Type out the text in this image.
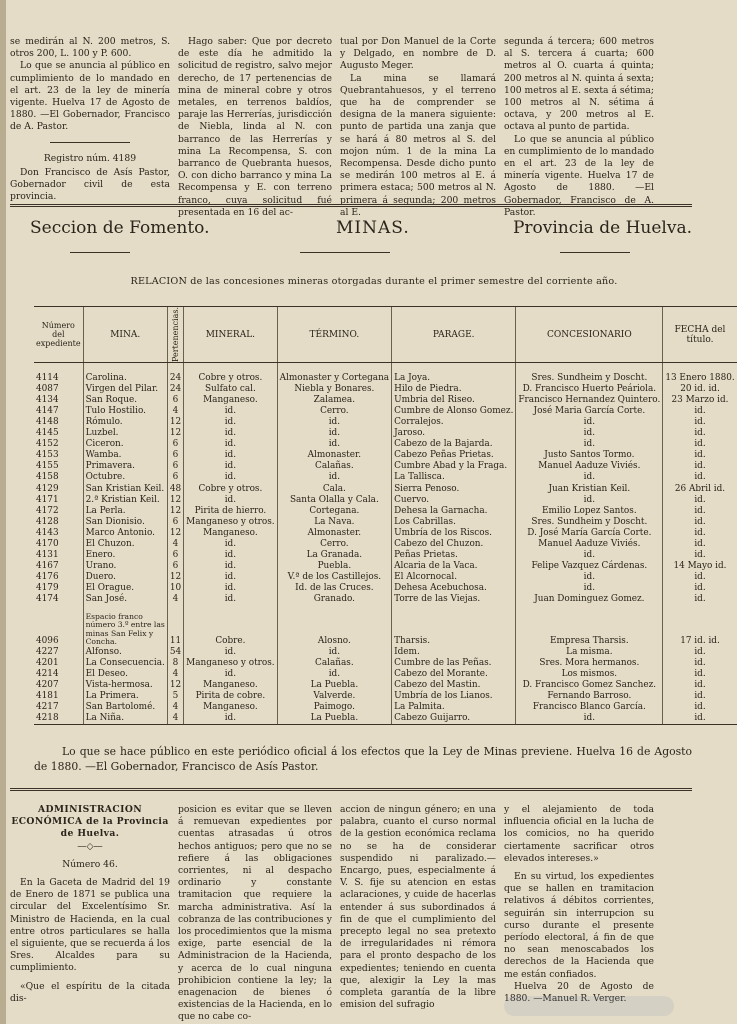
se medirán al N. 200 metros, S. otros 200, L. 100 y P. 600.

Lo que se anuncia al público en cumplimiento de lo mandado en el art. 23 de la ley de minería vigente. Huelva 17 de Agosto de 1880. —El Gobernador, Francisco de A. Pastor.

Registro núm. 4189

Don Francisco de Asís Pastor, Gobernador civil de esta provincia.

Hago saber: Que por decreto de este día he admitido la solicitud de registro, salvo mejor derecho, de 17 pertenencias de mina de mineral cobre y otros metales, en terrenos baldíos, paraje las Herrerías, jurisdicción de Niebla, linda al N. con barranco de las Herrerías y mina La Recompensa, S. con barranco de Quebranta huesos, O. con dicho barranco y mina La Recompensa y E. con terreno franco, cuya solicitud fué presentada en 16 del ac-

tual por Don Manuel de la Corte y Delgado, en nombre de D. Augusto Meger.

La mina se llamará Quebrantahuesos, y el terreno que ha de comprender se designa de la manera siguiente: punto de partida una zanja que se hará á 80 metros al S. del mojon núm. 1 de la mina La Recompensa. Desde dicho punto se medirán 100 metros al E. á primera estaca; 500 metros al N. primera á segunda; 200 metros al E.

segunda á tercera; 600 metros al S. tercera á cuarta; 600 metros al O. cuarta á quinta; 200 metros al N. quinta á sexta; 100 metros al E. sexta á sétima; 100 metros al N. sétima á octava, y 200 metros al E. octava al punto de partida.

Lo que se anuncia al público en cumplimiento de lo mandado en el art. 23 de la ley de minería vigente. Huelva 17 de Agosto de 1880. —El Gobernador, Francisco de A. Pastor.

Seccion de Fomento.	MINAS.	Provincia de Huelva.
RELACION de las concesiones mineras otorgadas durante el primer semestre del corriente año.
Número del expediente	MINA.	Pertenencias.	MINERAL.	TÉRMINO.	PARAGE.	CONCESIONARIO	FECHA del título.
4114	Carolina.	24	Cobre y otros.	Almonaster y Cortegana	La Joya.	Sres. Sundheim y Doscht.	13 Enero 1880.
4087	Virgen del Pilar.	24	Sulfato cal.	Niebla y Bonares.	Hilo de Piedra.	D. Francisco Huerto Peáriola.	20 id. id.
4134	San Roque.	6	Manganeso.	Zalamea.	Umbria del Riseo.	Francisco Hernandez Quintero.	23 Marzo id.
4147	Tulo Hostilio.	4	id.	Cerro.	Cumbre de Alonso Gomez.	José Maria García Corte.	id.
4148	Rómulo.	12	id.	id.	Corralejos.	id.	id.
4145	Luzbel.	12	id.	id.	Jaroso.	id.	id.
4152	Ciceron.	6	id.	id.	Cabezo de la Bajarda.	id.	id.
4153	Wamba.	6	id.	Almonaster.	Cabezo Peñas Prietas.	Justo Santos Tormo.	id.
4155	Primavera.	6	id.	Calañas.	Cumbre Abad y la Fraga.	Manuel Aaduze Viviés.	id.
4158	Octubre.	6	id.	id.	La Tallisca.	id.	id.
4129	San Kristian Keil.	48	Cobre y otros.	Cala.	Sierra Penoso.	Juan Kristian Keil.	26 Abril id.
4171	2.ª Kristian Keil.	12	id.	Santa Olalla y Cala.	Cuervo.	id.	id.
4172	La Perla.	12	Pirita de hierro.	Cortegana.	Dehesa la Garnacha.	Emilio Lopez Santos.	id.
4128	San Dionisio.	6	Manganeso y otros.	La Nava.	Los Cabrillas.	Sres. Sundheim y Doscht.	id.
4143	Marco Antonio.	12	Manganeso.	Almonaster.	Umbría de los Riscos.	D. José María García Corte.	id.
4170	El Chuzon.	4	id.	Cerro.	Cabezo del Chuzon.	Manuel Aaduze Viviés.	id.
4131	Enero.	6	id.	La Granada.	Peñas Prietas.	id.	id.
4167	Urano.	6	id.	Puebla.	Alcaria de la Vaca.	Felipe Vazquez Cárdenas.	14 Mayo id.
4176	Duero.	12	id.	V.ª de los Castillejos.	El Alcornocal.	id.	id.
4179	El Orague.	10	id.	Id. de las Cruces.	Dehesa Acebuchosa.	id.	id.
4174	San José.	4	id.	Granado.	Torre de las Viejas.	Juan Dominguez Gomez.	id.
4096	Espacio franco número 3.º entre las minas San Felix y Concha.	11	Cobre.	Alosno.	Tharsis.	Empresa Tharsis.	17 id. id.
4227	Alfonso.	54	id.	id.	Idem.	La misma.	id.
4201	La Consecuencia.	8	Manganeso y otros.	Calañas.	Cumbre de las Peñas.	Sres. Mora hermanos.	id.
4214	El Deseo.	4	id.	id.	Cabezo del Morante.	Los mismos.	id.
4207	Vista-hermosa.	12	Manganeso.	La Puebla.	Cabezo del Mastin.	D. Francisco Gomez Sanchez.	id.
4181	La Primera.	5	Pirita de cobre.	Valverde.	Umbría de los Lianos.	Fernando Barroso.	id.
4217	San Bartolomé.	4	Manganeso.	Paimogo.	La Palmita.	Francisco Blanco García.	id.
4218	La Niña.	4	id.	La Puebla.	Cabezo Guijarro.	id.	id.
Lo que se hace público en este periódico oficial á los efectos que la Ley de Minas previene. Huelva 16 de Agosto de 1880. —El Gobernador, Francisco de Asís Pastor.

ADMINISTRACION ECONÓMICA de la Provincia de Huelva.

—◇—

Número 46.

En la Gaceta de Madrid del 19 de Enero de 1871 se publica una circular del Excelentísimo Sr. Ministro de Hacienda, en la cual entre otros particulares se halla el siguiente, que se recuerda á los Sres. Alcaldes para su cumplimiento.

«Que el espíritu de la citada dis-

posicion es evitar que se lleven á remuevan expedientes por cuentas atrasadas ú otros hechos antiguos; pero que no se refiere á las obligaciones corrientes, ni al despacho ordinario y constante tramitacion que requiere la marcha administrativa. Así la cobranza de las contribuciones y los procedimientos que la misma exige, parte esencial de la Administracion de la Hacienda, y acerca de lo cual ninguna prohibicion contiene la ley; la enagenacion de bienes ó existencias de la Hacienda, en lo que no cabe co-

accion de ningun género; en una palabra, cuanto el curso normal de la gestion económica reclama no se ha de considerar suspendido ni paralizado.—Encargo, pues, especialmente á V. S. fije su atencion en estas aclaraciones, y cuide de hacerlas entender á sus subordinados á fin de que el cumplimiento del precepto legal no sea pretexto de irregularidades ni rémora para el pronto despacho de los expedientes; teniendo en cuenta que, alexigir la Ley la mas completa garantía de la libre emision del sufragio

y el alejamiento de toda influencia oficial en la lucha de los comicios, no ha querido ciertamente sacrificar otros elevados intereses.»

En su virtud, los expedientes que se hallen en tramitacion relativos á débitos corrientes, seguirán sin interrupcion su curso durante el presente período electoral, á fin de que no sean menoscabados los derechos de la Hacienda que me están confiados.

Huelva 20 de Agosto de 1880. —Manuel R. Verger.
